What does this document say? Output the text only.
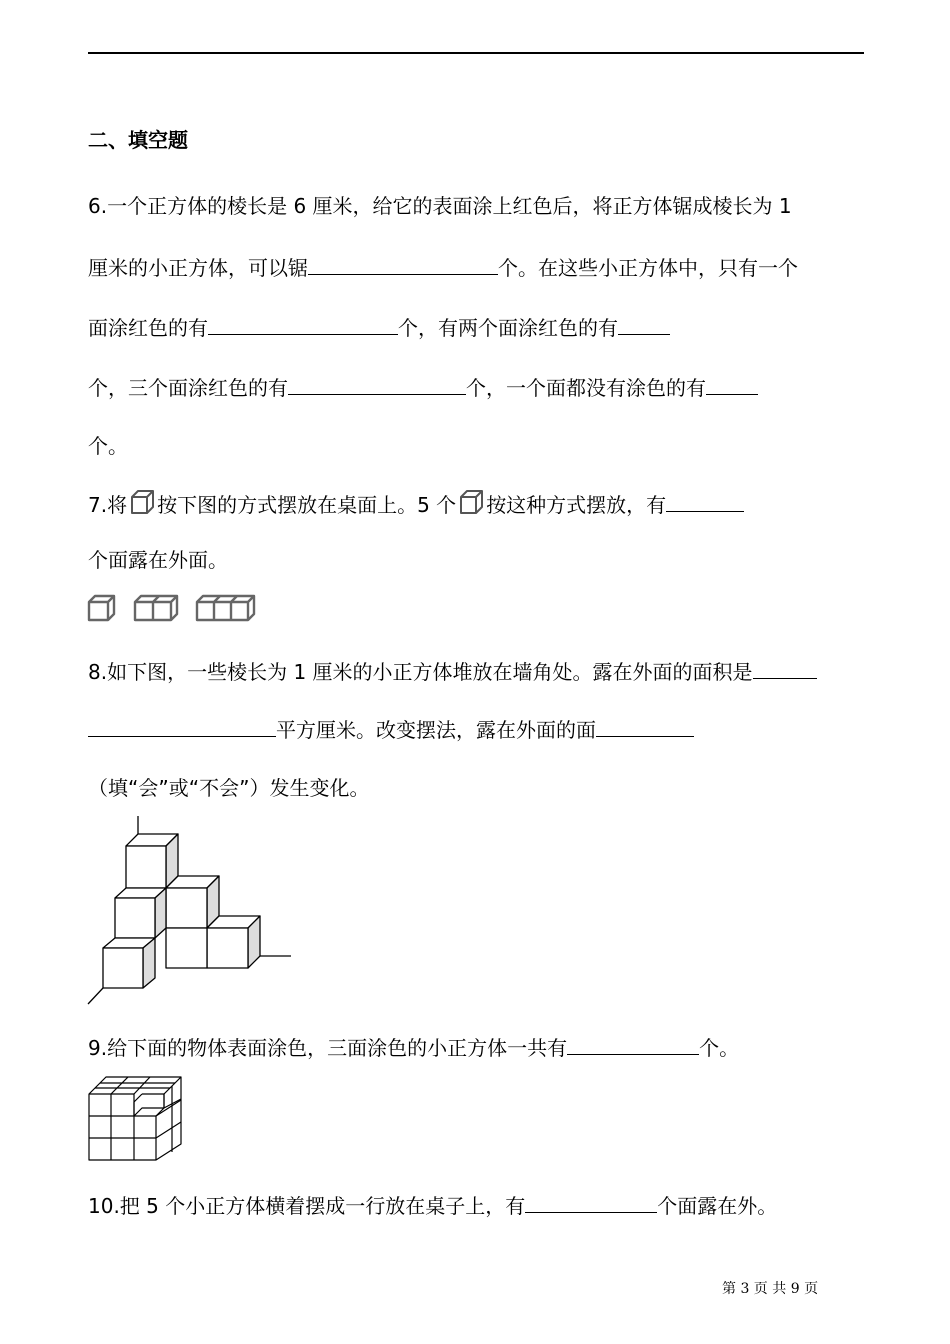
二、填空题
6.一个正方体的棱长是 6 厘米，给它的表面涂上红色后，将正方体锯成棱长为 1
厘米的小正方体，可以锯	个。在这些小正方体中，只有一个
面涂红色的有	个，有两个面涂红色的有
个，三个面涂红色的有	个，一个面都没有涂色的有
个。
7.将 按下图的方式摆放在桌面上。5 个 按这种方式摆放，有
个面露在外面。
8.如下图，一些棱长为 1 厘米的小正方体堆放在墙角处。露在外面的面积是
平方厘米。改变摆法，露在外面的面
（填“会”或“不会”）发生变化。
9.给下面的物体表面涂色，三面涂色的小正方体一共有	个。
10.把 5 个小正方体横着摆成一行放在桌子上，有	个面露在外。
第 3 页 共 9 页
